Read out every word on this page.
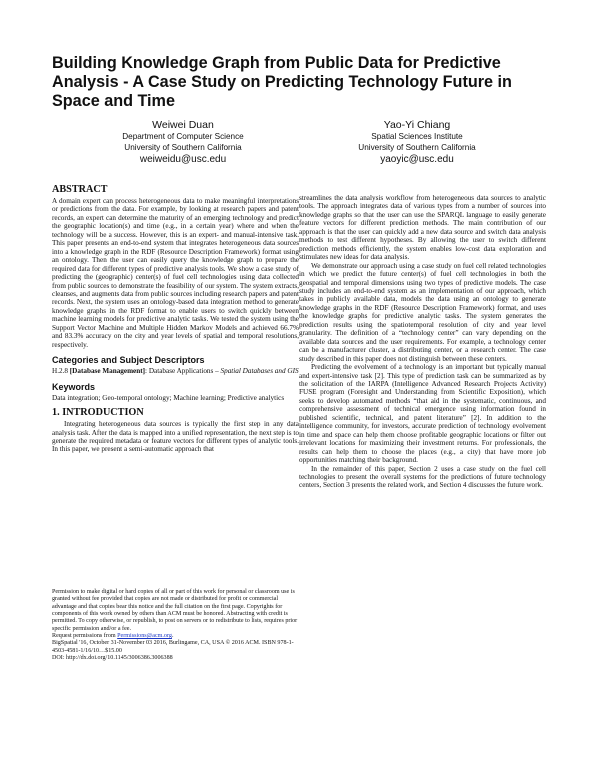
Building Knowledge Graph from Public Data for Predictive Analysis - A Case Study on Predicting Technology Future in Space and Time
Weiwei Duan
Department of Computer Science
University of Southern California
weiweidu@usc.edu
Yao-Yi Chiang
Spatial Sciences Institute
University of Southern California
yaoyic@usc.edu
ABSTRACT

A domain expert can process heterogeneous data to make meaningful interpretations or predictions from the data. For example, by looking at research papers and patent records, an expert can determine the maturity of an emerging technology and predict the geographic location(s) and time (e.g., in a certain year) where and when the technology will be a success. However, this is an expert- and manual-intensive task. This paper presents an end-to-end system that integrates heterogeneous data sources into a knowledge graph in the RDF (Resource Description Framework) format using an ontology. Then the user can easily query the knowledge graph to prepare the required data for different types of predictive analysis tools. We show a case study of predicting the (geographic) center(s) of fuel cell technologies using data collected from public sources to demonstrate the feasibility of our system. The system extracts, cleanses, and augments data from public sources including research papers and patent records. Next, the system uses an ontology-based data integration method to generate knowledge graphs in the RDF format to enable users to switch quickly between machine learning models for predictive analytic tasks. We tested the system using the Support Vector Machine and Multiple Hidden Markov Models and achieved 66.7% and 83.3% accuracy on the city and year levels of spatial and temporal resolutions, respectively.

Categories and Subject Descriptors

H.2.8 [Database Management]: Database Applications – Spatial Databases and GIS

Keywords

Data integration; Geo-temporal ontology; Machine learning; Predictive analytics

1. INTRODUCTION

Integrating heterogeneous data sources is typically the first step in any data analysis task. After the data is mapped into a unified representation, the next step is to generate the required metadata or feature vectors for different types of analytic tools. In this paper, we present a semi-automatic approach that

Permission to make digital or hard copies of all or part of this work for personal or classroom use is granted without fee provided that copies are not made or distributed for profit or commercial advantage and that copies bear this notice and the full citation on the first page. Copyrights for components of this work owned by others than ACM must be honored. Abstracting with credit is permitted. To copy otherwise, or republish, to post on servers or to redistribute to lists, requires prior specific permission and/or a fee.

Request permissions from Permissions@acm.org.

BigSpatial '16, October 31-November 03 2016, Burlingame, CA, USA © 2016 ACM. ISBN 978-1-4503-4581-1/16/10…$15.00

DOI: http://dx.doi.org/10.1145/3006386.3006388

streamlines the data analysis workflow from heterogeneous data sources to analytic tools. The approach integrates data of various types from a number of sources into knowledge graphs so that the user can use the SPARQL language to easily generate feature vectors for different prediction methods. The main contribution of our approach is that the user can quickly add a new data source and switch data analysis methods to test different hypotheses. By allowing the user to switch different prediction methods efficiently, the system enables low-cost data exploration and stimulates new ideas for data analysis.

We demonstrate our approach using a case study on fuel cell related technologies in which we predict the future center(s) of fuel cell technologies in both the geospatial and temporal dimensions using two types of predictive models. The case study includes an end-to-end system as an implementation of our approach, which takes in publicly available data, models the data using an ontology to generate knowledge graphs in the RDF (Resource Description Framework) format, and uses the knowledge graphs for predictive analytic tasks. The system generates the prediction results using the spatiotemporal resolution of city and year level granularity. The definition of a “technology center” can vary depending on the available data sources and the user requirements. For example, a technology center can be a manufacturer cluster, a distributing center, or a research center. The case study described in this paper does not distinguish between these centers.

Predicting the evolvement of a technology is an important but typically manual and expert-intensive task [2]. This type of prediction task can be summarized as by the solicitation of the IARPA (Intelligence Advanced Research Projects Activity) FUSE program (Foresight and Understanding from Scientific Exposition), which seeks to develop automated methods “that aid in the systematic, continuous, and comprehensive assessment of technical emergence using information found in published scientific, technical, and patent literature” [2]. In addition to the intelligence community, for investors, accurate prediction of technology evolvement in time and space can help them choose profitable geographic locations or filter out irrelevant locations for maximizing their investment returns. For professionals, the results can help them to choose the places (e.g., a city) that have more job opportunities matching their background.

In the remainder of this paper, Section 2 uses a case study on the fuel cell technologies to present the overall systems for the predictions of future technology centers, Section 3 presents the related work, and Section 4 discusses the future work.
